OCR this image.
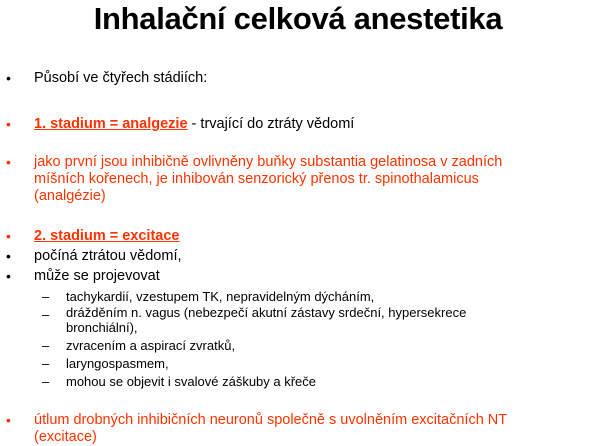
Inhalační celková anestetika
• Působí ve čtyřech stádiích:
• 1. stadium = analgezie - trvající do ztráty vědomí
• jako první jsou inhibičně ovlivněny buňky substantia gelatinosa v zadních
míšních kořenech, je inhibován senzorický přenos tr. spinothalamicus
(analgézie)
• 2. stadium = excitace
• počíná ztrátou vědomí,
• může se projevovat
– tachykardií, vzestupem TK, nepravidelným dýcháním,
– drážděním n. vagus (nebezpečí akutní zástavy srdeční, hypersekrece
bronchiální),
– zvracením a aspirací zvratků,
– laryngospasmem,
– mohou se objevit i svalové záškuby a křeče
• útlum drobných inhibičních neuronů společně s uvolněním excitačních NT
(excitace)
